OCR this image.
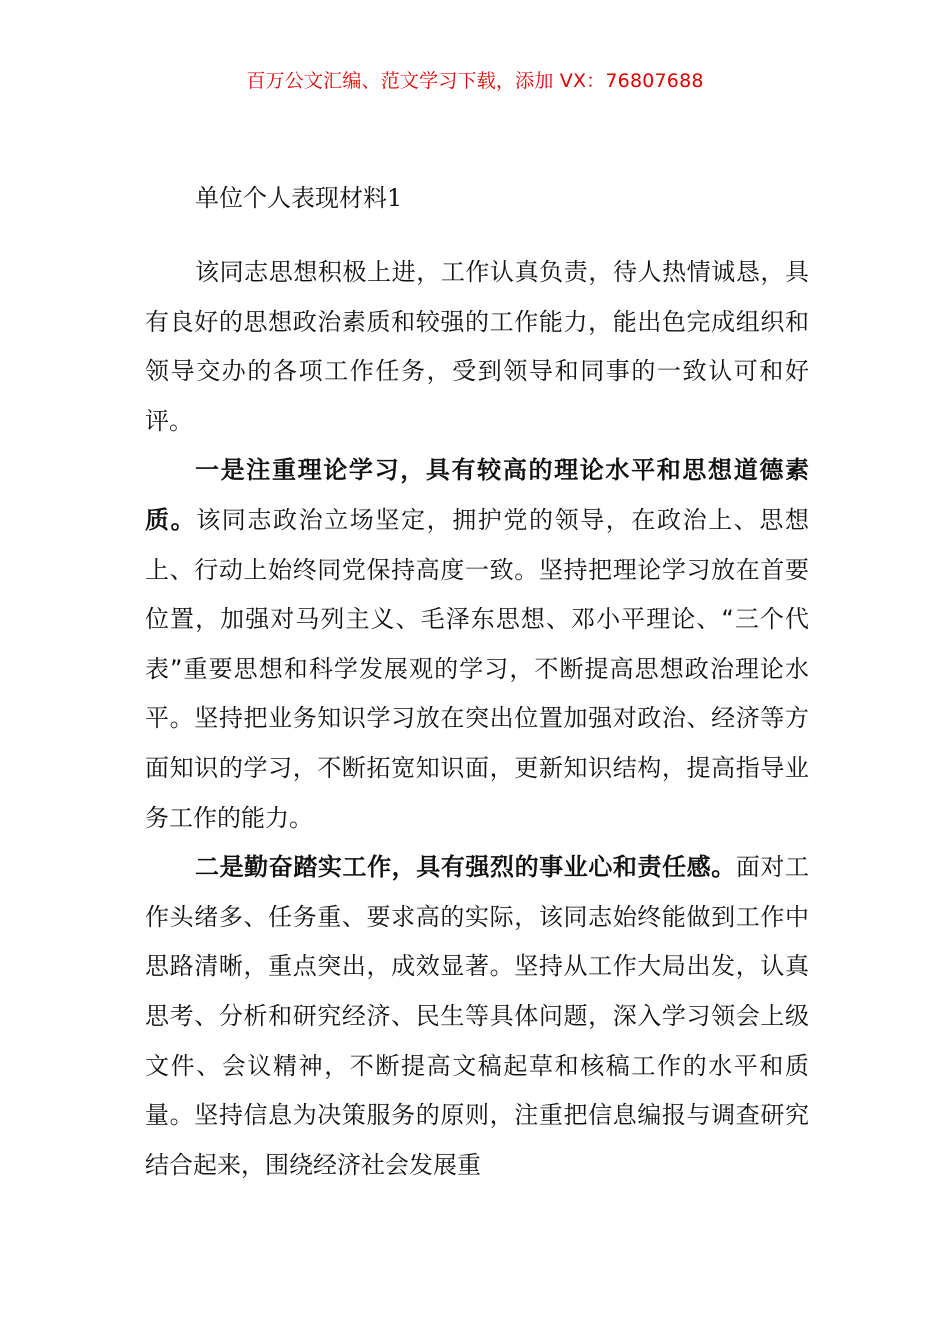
百万公文汇编、范文学习下载，添加 VX：76807688
单位个人表现材料1

该同志思想积极上进，工作认真负责，待人热情诚恳，具有良好的思想政治素质和较强的工作能力，能出色完成组织和领导交办的各项工作任务，受到领导和同事的一致认可和好评。

一是注重理论学习，具有较高的理论水平和思想道德素质。该同志政治立场坚定，拥护党的领导，在政治上、思想上、行动上始终同党保持高度一致。坚持把理论学习放在首要位置，加强对马列主义、毛泽东思想、邓小平理论、“三个代表”重要思想和科学发展观的学习，不断提高思想政治理论水平。坚持把业务知识学习放在突出位置加强对政治、经济等方面知识的学习，不断拓宽知识面，更新知识结构，提高指导业务工作的能力。

二是勤奋踏实工作，具有强烈的事业心和责任感。面对工作头绪多、任务重、要求高的实际，该同志始终能做到工作中思路清晰，重点突出，成效显著。坚持从工作大局出发，认真思考、分析和研究经济、民生等具体问题，深入学习领会上级文件、会议精神，不断提高文稿起草和核稿工作的水平和质量。坚持信息为决策服务的原则，注重把信息编报与调查研究结合起来，围绕经济社会发展重
